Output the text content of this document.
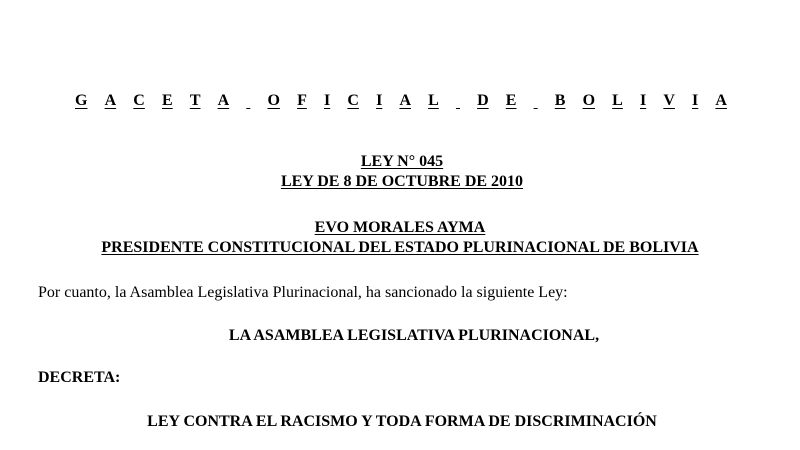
G A C E T A
O F I C I A L
D E
B O L I V I A
LEY N° 045
LEY DE 8 DE OCTUBRE DE 2010
EVO MORALES AYMA
PRESIDENTE CONSTITUCIONAL DEL ESTADO PLURINACIONAL DE BOLIVIA
Por cuanto, la Asamblea Legislativa Plurinacional, ha sancionado la siguiente Ley:
LA ASAMBLEA LEGISLATIVA PLURINACIONAL,
DECRETA:
LEY CONTRA EL RACISMO Y TODA FORMA DE DISCRIMINACIÓN
